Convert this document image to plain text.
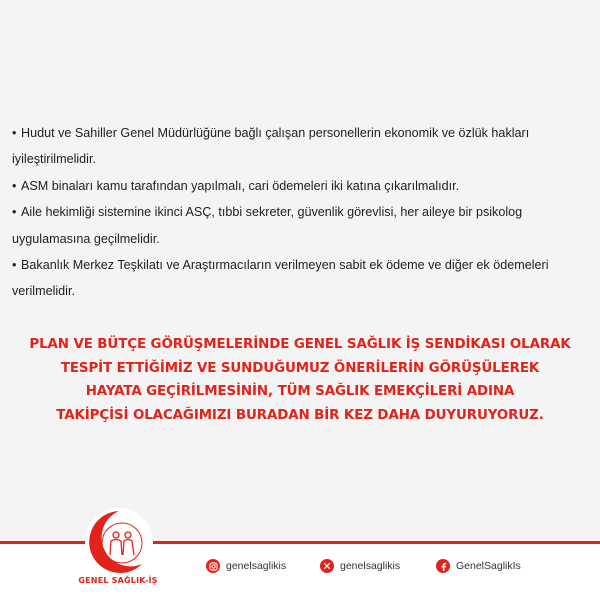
• Hudut ve Sahiller Genel Müdürlüğüne bağlı çalışan personellerin ekonomik ve özlük hakları

iyileştirilmelidir.

• ASM binaları kamu tarafından yapılmalı, cari ödemeleri iki katına çıkarılmalıdır.

• Aile hekimliği sistemine ikinci ASÇ, tıbbi sekreter, güvenlik görevlisi, her aileye bir psikolog

uygulamasına geçilmelidir.

• Bakanlık Merkez Teşkilatı ve Araştırmacıların verilmeyen sabit ek ödeme ve diğer ek ödemeleri

verilmelidir.

PLAN VE BÜTÇE GÖRÜŞMELERİNDE GENEL SAĞLIK İŞ SENDİKASI OLARAK
TESPİT ETTİĞİMİZ VE SUNDUĞUMUZ ÖNERİLERİN GÖRÜŞÜLEREK
HAYATA GEÇİRİLMESİNİN, TÜM SAĞLIK EMEKÇİLERİ ADINA
TAKİPÇİSİ OLACAĞIMIZI BURADAN BİR KEZ DAHA DUYURUYORUZ.
GENEL SAĞLIK-İŞ
genelsaglikis	genelsaglikis	GenelSaglikIs
